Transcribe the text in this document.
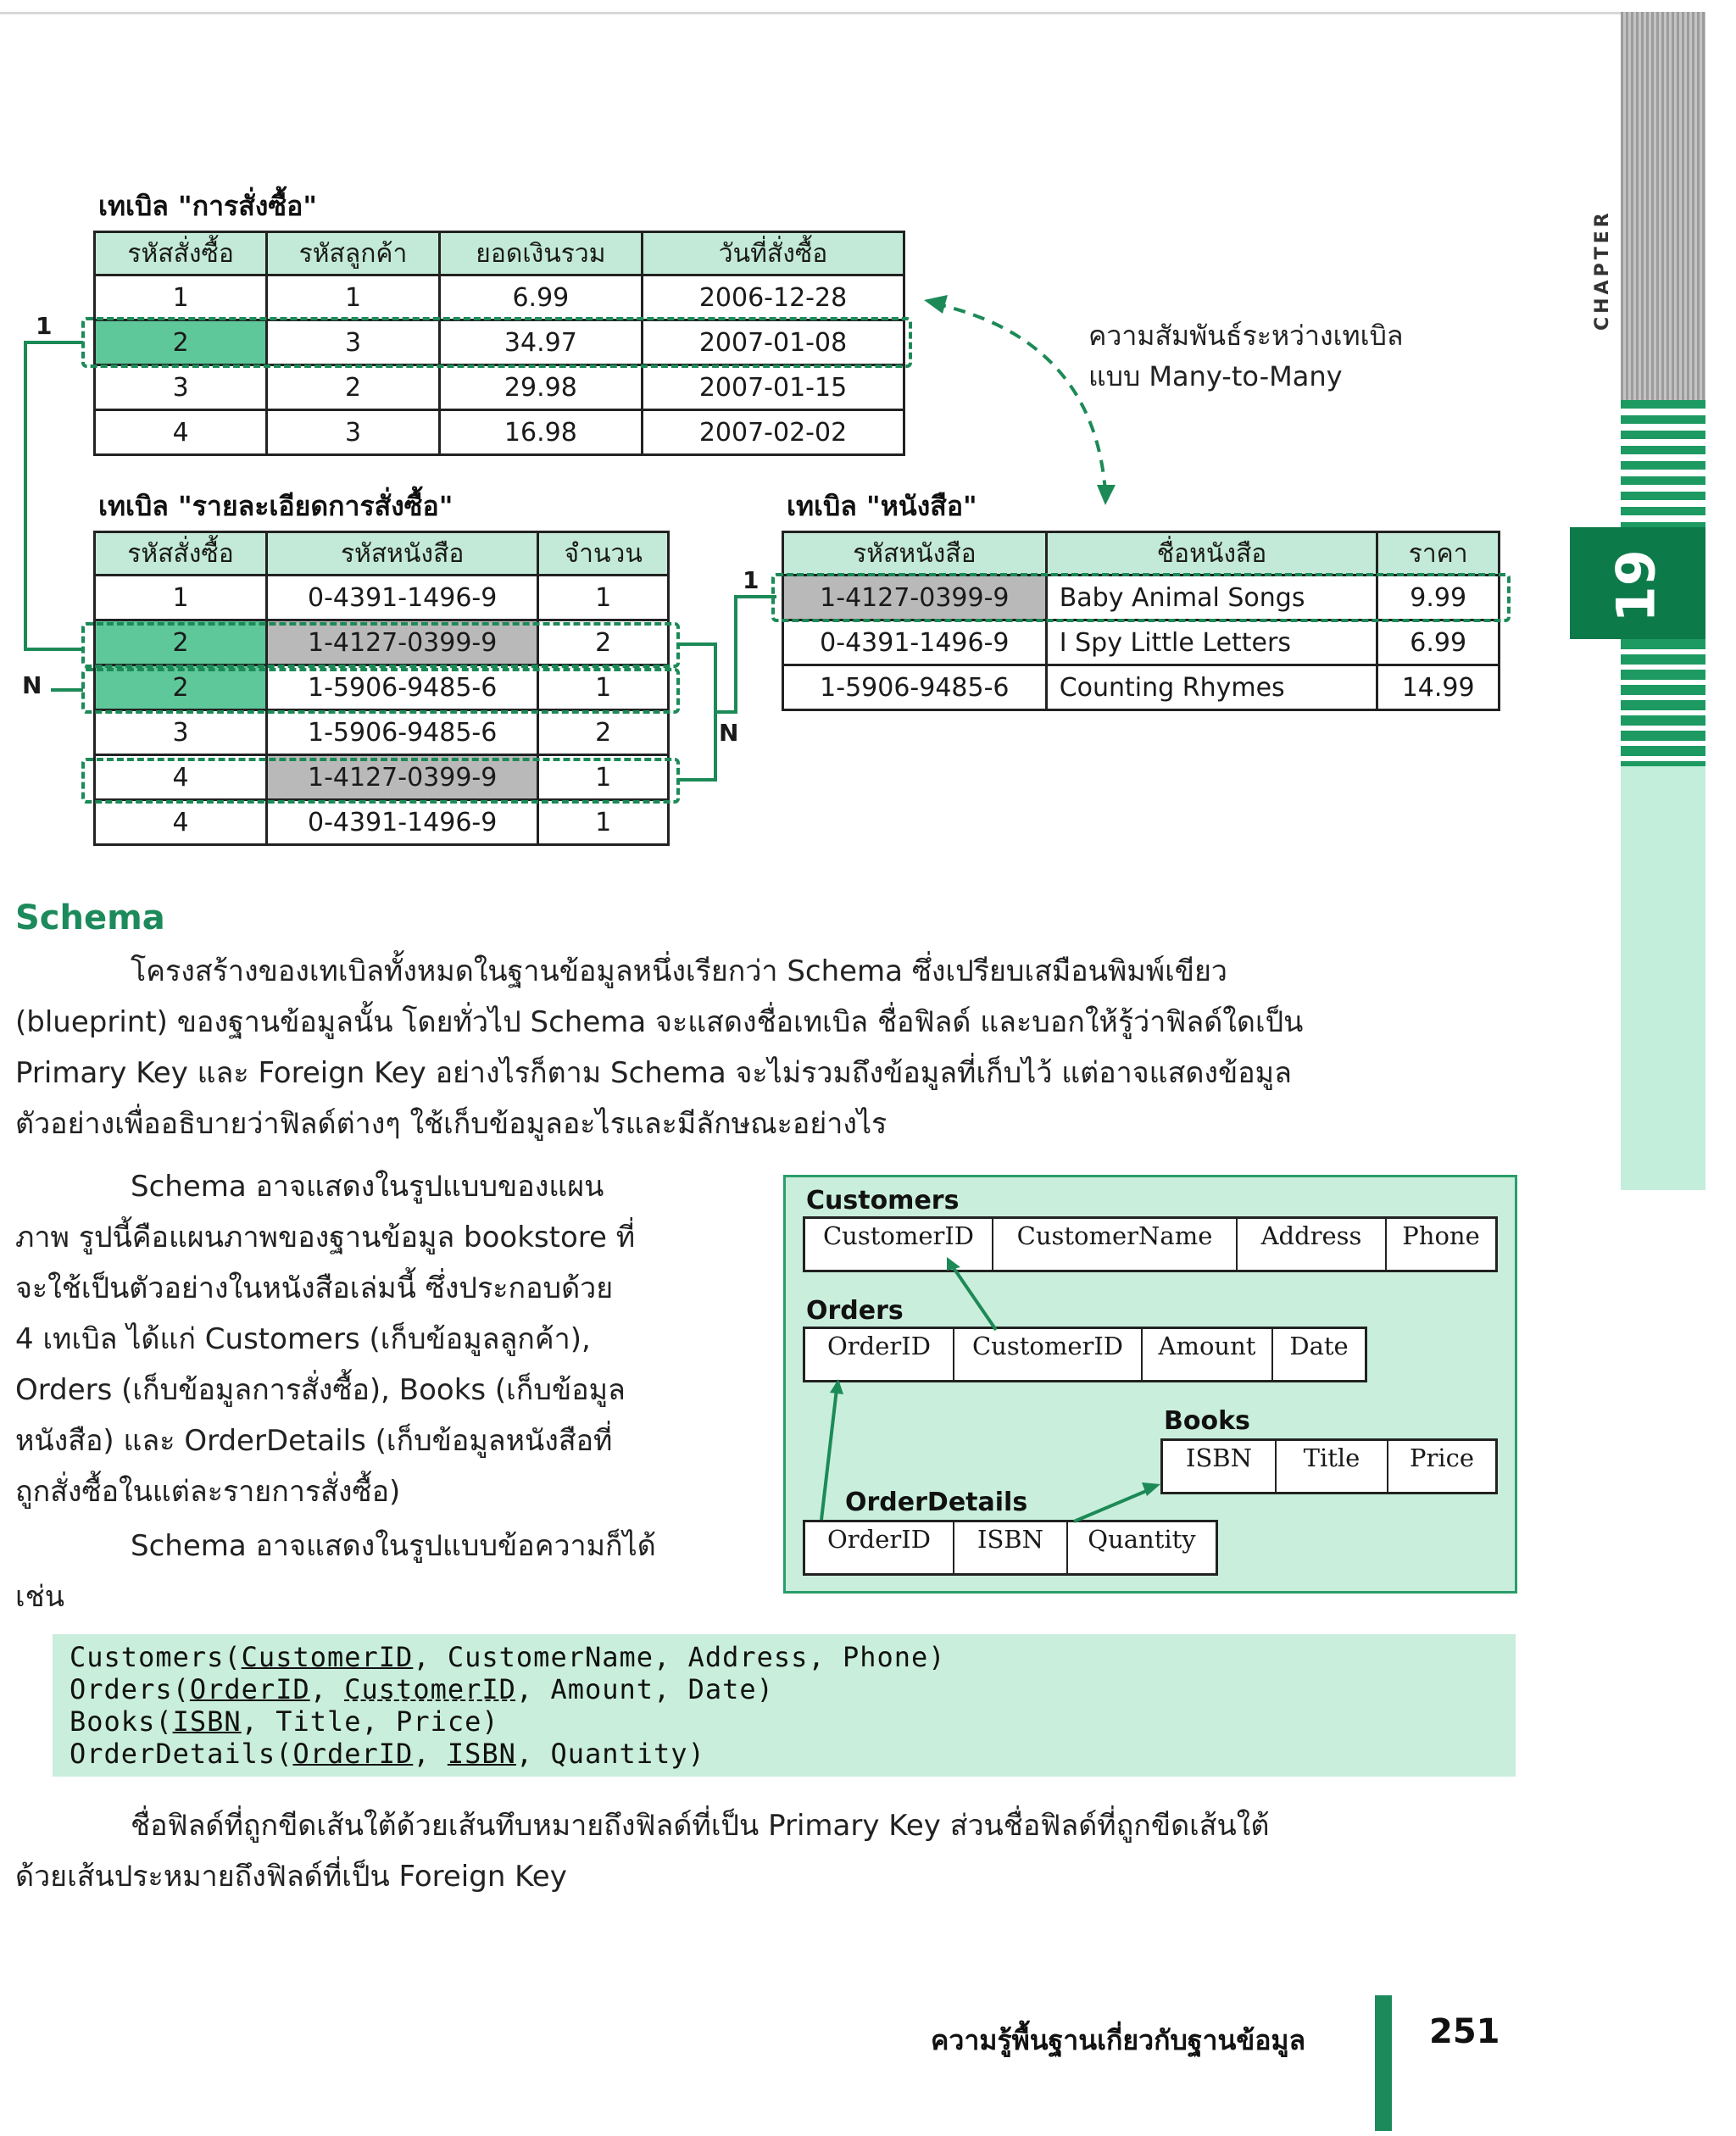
CHAPTER
19
เทเบิล "การสั่งซื้อ"
รหัสสั่งซื้อ	รหัสลูกค้า	ยอดเงินรวม	วันที่สั่งซื้อ
1	1	6.99	2006-12-28
2	3	34.97	2007-01-08
3	2	29.98	2007-01-15
4	3	16.98	2007-02-02
ความสัมพันธ์ระหว่างเทเบิล
แบบ Many-to-Many
เทเบิล "รายละเอียดการสั่งซื้อ"
รหัสสั่งซื้อ	รหัสหนังสือ	จำนวน
1	0-4391-1496-9	1
2	1-4127-0399-9	2
2	1-5906-9485-6	1
3	1-5906-9485-6	2
4	1-4127-0399-9	1
4	0-4391-1496-9	1
1
N
1
N
เทเบิล "หนังสือ"
รหัสหนังสือ	ชื่อหนังสือ	ราคา
1-4127-0399-9	Baby Animal Songs	9.99
0-4391-1496-9	I Spy Little Letters	6.99
1-5906-9485-6	Counting Rhymes	14.99
Schema
โครงสร้างของเทเบิลทั้งหมดในฐานข้อมูลหนึ่งเรียกว่า Schema ซึ่งเปรียบเสมือนพิมพ์เขียว
(blueprint) ของฐานข้อมูลนั้น โดยทั่วไป Schema จะแสดงชื่อเทเบิล ชื่อฟิลด์ และบอกให้รู้ว่าฟิลด์ใดเป็น
Primary Key และ Foreign Key อย่างไรก็ตาม Schema จะไม่รวมถึงข้อมูลที่เก็บไว้ แต่อาจแสดงข้อมูล
ตัวอย่างเพื่ออธิบายว่าฟิลด์ต่างๆ ใช้เก็บข้อมูลอะไรและมีลักษณะอย่างไร
Schema อาจแสดงในรูปแบบของแผน
ภาพ รูปนี้คือแผนภาพของฐานข้อมูล bookstore ที่
จะใช้เป็นตัวอย่างในหนังสือเล่มนี้ ซึ่งประกอบด้วย
4 เทเบิล ได้แก่ Customers (เก็บข้อมูลลูกค้า),
Orders (เก็บข้อมูลการสั่งซื้อ), Books (เก็บข้อมูล
หนังสือ) และ OrderDetails (เก็บข้อมูลหนังสือที่
ถูกสั่งซื้อในแต่ละรายการสั่งซื้อ)
Schema อาจแสดงในรูปแบบข้อความก็ได้
เช่น
Customers
CustomerID	CustomerName	Address	Phone
Orders
OrderID	CustomerID	Amount	Date
Books
ISBN	Title	Price
OrderDetails
OrderID	ISBN	Quantity
Customers(CustomerID, CustomerName, Address, Phone)
Orders(OrderID, CustomerID, Amount, Date)
Books(ISBN, Title, Price)
OrderDetails(OrderID, ISBN, Quantity)
ชื่อฟิลด์ที่ถูกขีดเส้นใต้ด้วยเส้นทึบหมายถึงฟิลด์ที่เป็น Primary Key ส่วนชื่อฟิลด์ที่ถูกขีดเส้นใต้
ด้วยเส้นประหมายถึงฟิลด์ที่เป็น Foreign Key
ความรู้พื้นฐานเกี่ยวกับฐานข้อมูล	251
